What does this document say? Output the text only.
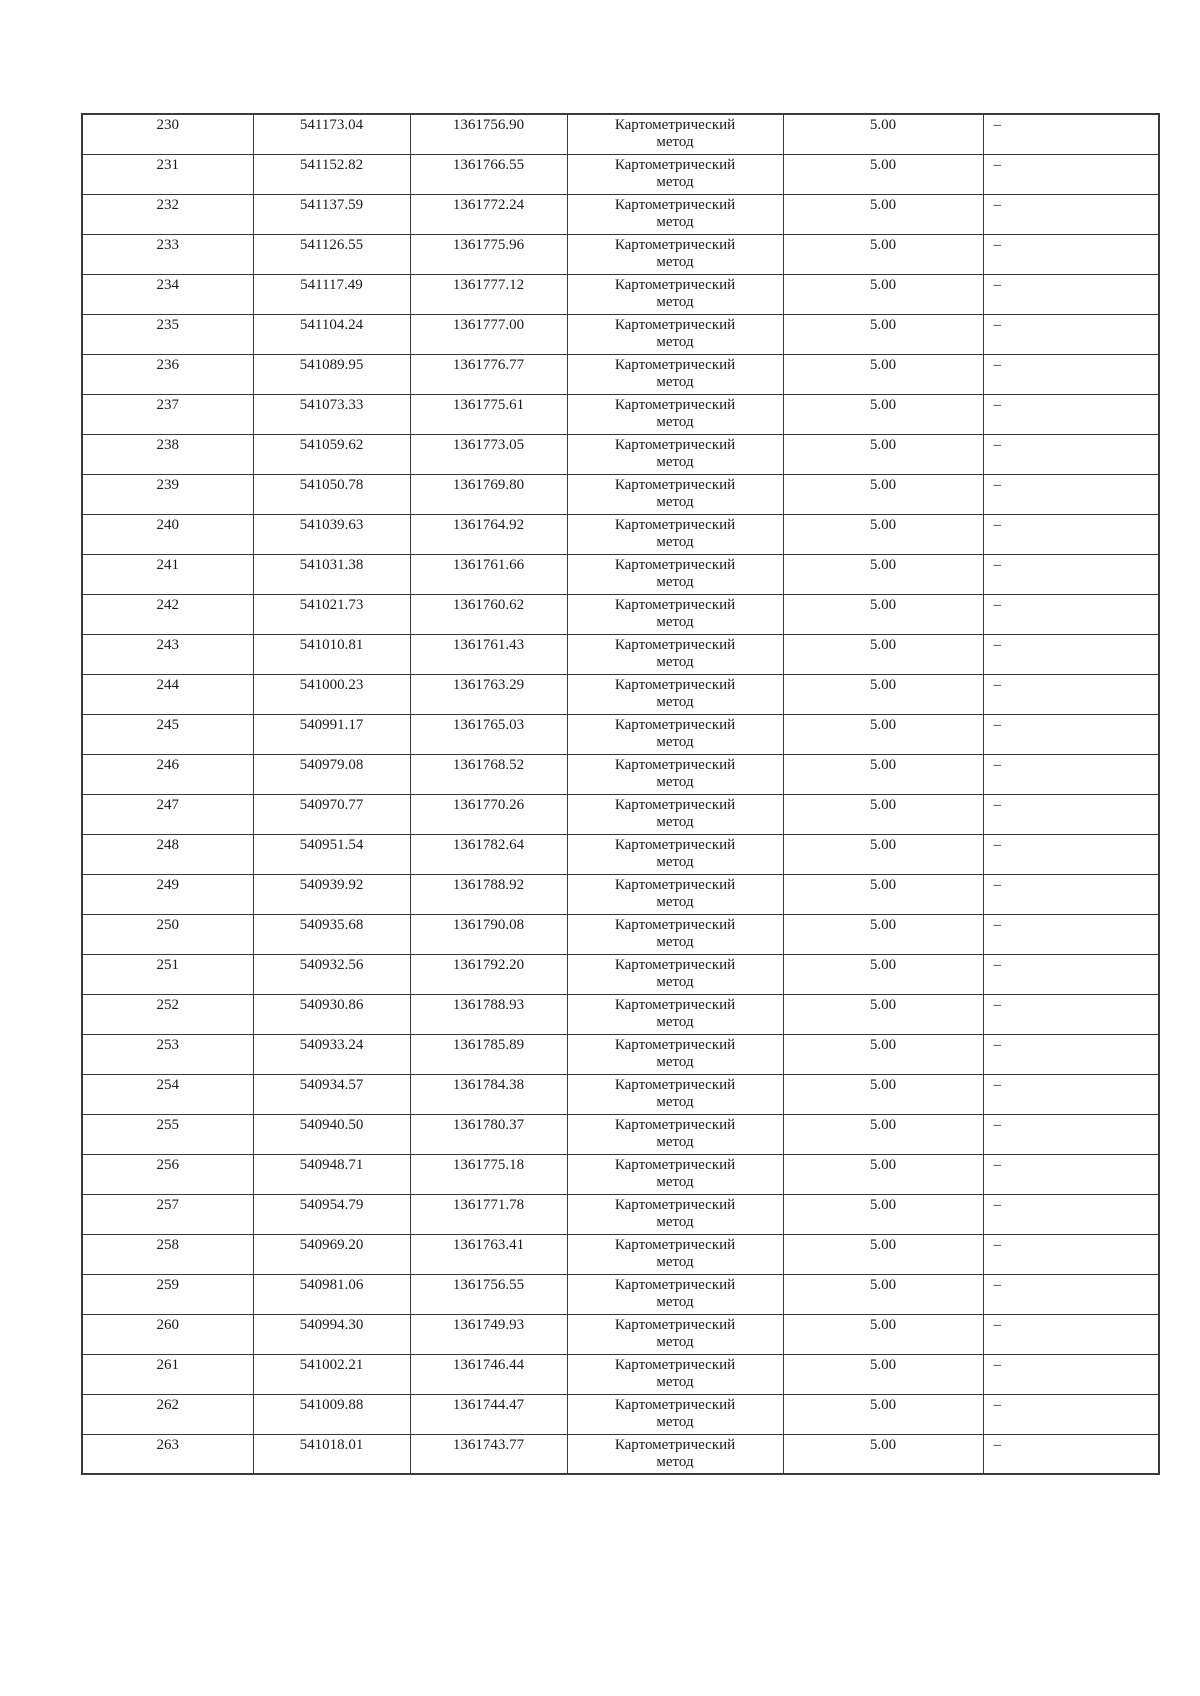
230	541173.04	1361756.90	Картометрический метод	5.00	–
231	541152.82	1361766.55	Картометрический метод	5.00	–
232	541137.59	1361772.24	Картометрический метод	5.00	–
233	541126.55	1361775.96	Картометрический метод	5.00	–
234	541117.49	1361777.12	Картометрический метод	5.00	–
235	541104.24	1361777.00	Картометрический метод	5.00	–
236	541089.95	1361776.77	Картометрический метод	5.00	–
237	541073.33	1361775.61	Картометрический метод	5.00	–
238	541059.62	1361773.05	Картометрический метод	5.00	–
239	541050.78	1361769.80	Картометрический метод	5.00	–
240	541039.63	1361764.92	Картометрический метод	5.00	–
241	541031.38	1361761.66	Картометрический метод	5.00	–
242	541021.73	1361760.62	Картометрический метод	5.00	–
243	541010.81	1361761.43	Картометрический метод	5.00	–
244	541000.23	1361763.29	Картометрический метод	5.00	–
245	540991.17	1361765.03	Картометрический метод	5.00	–
246	540979.08	1361768.52	Картометрический метод	5.00	–
247	540970.77	1361770.26	Картометрический метод	5.00	–
248	540951.54	1361782.64	Картометрический метод	5.00	–
249	540939.92	1361788.92	Картометрический метод	5.00	–
250	540935.68	1361790.08	Картометрический метод	5.00	–
251	540932.56	1361792.20	Картометрический метод	5.00	–
252	540930.86	1361788.93	Картометрический метод	5.00	–
253	540933.24	1361785.89	Картометрический метод	5.00	–
254	540934.57	1361784.38	Картометрический метод	5.00	–
255	540940.50	1361780.37	Картометрический метод	5.00	–
256	540948.71	1361775.18	Картометрический метод	5.00	–
257	540954.79	1361771.78	Картометрический метод	5.00	–
258	540969.20	1361763.41	Картометрический метод	5.00	–
259	540981.06	1361756.55	Картометрический метод	5.00	–
260	540994.30	1361749.93	Картометрический метод	5.00	–
261	541002.21	1361746.44	Картометрический метод	5.00	–
262	541009.88	1361744.47	Картометрический метод	5.00	–
263	541018.01	1361743.77	Картометрический метод	5.00	–
